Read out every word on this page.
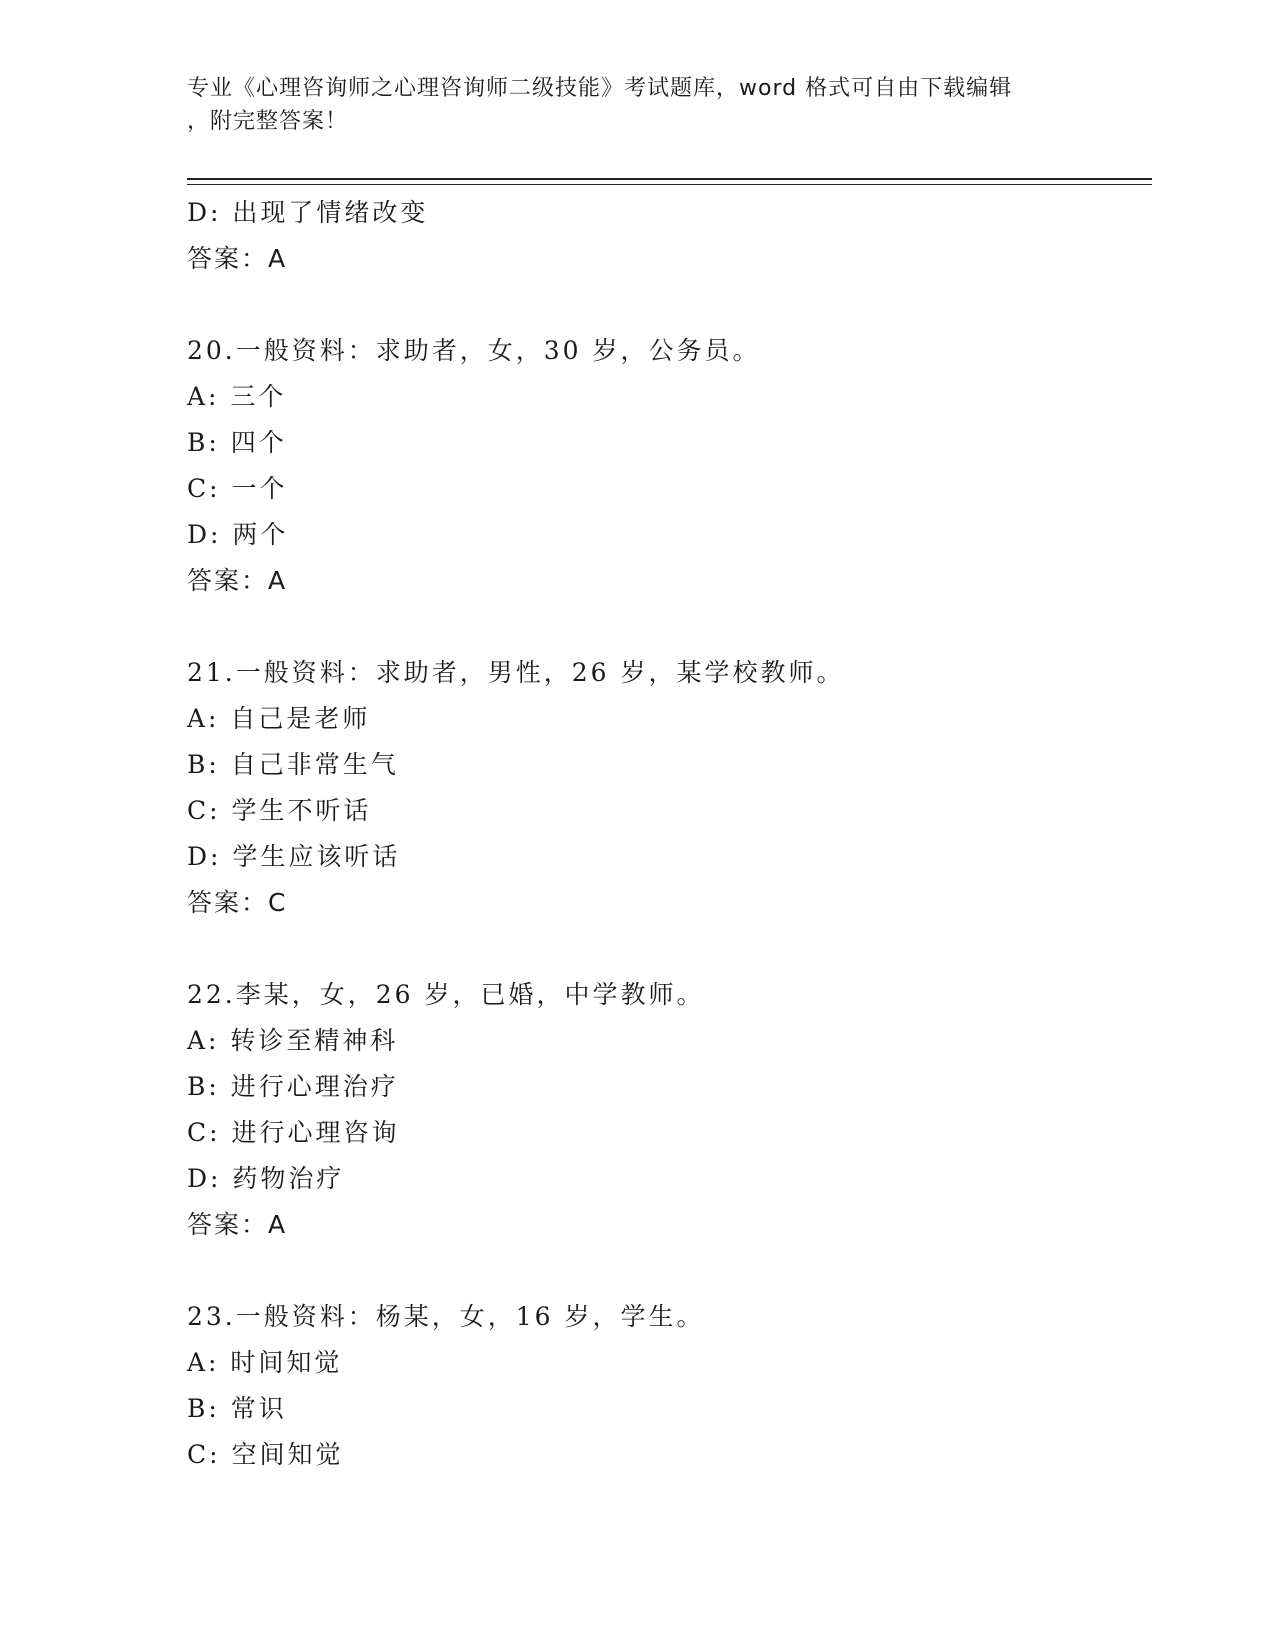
专业《心理咨询师之心理咨询师二级技能》考试题库，word 格式可自由下载编辑
，附完整答案！
D: 出现了情绪改变
答案：A
20.一般资料：求助者，女，30 岁，公务员。
A: 三个
B: 四个
C: 一个
D: 两个
答案：A
21.一般资料：求助者，男性，26 岁，某学校教师。
A: 自己是老师
B: 自己非常生气
C: 学生不听话
D: 学生应该听话
答案：C
22.李某，女，26 岁，已婚，中学教师。
A: 转诊至精神科
B: 进行心理治疗
C: 进行心理咨询
D: 药物治疗
答案：A
23.一般资料：杨某，女，16 岁，学生。
A: 时间知觉
B: 常识
C: 空间知觉
